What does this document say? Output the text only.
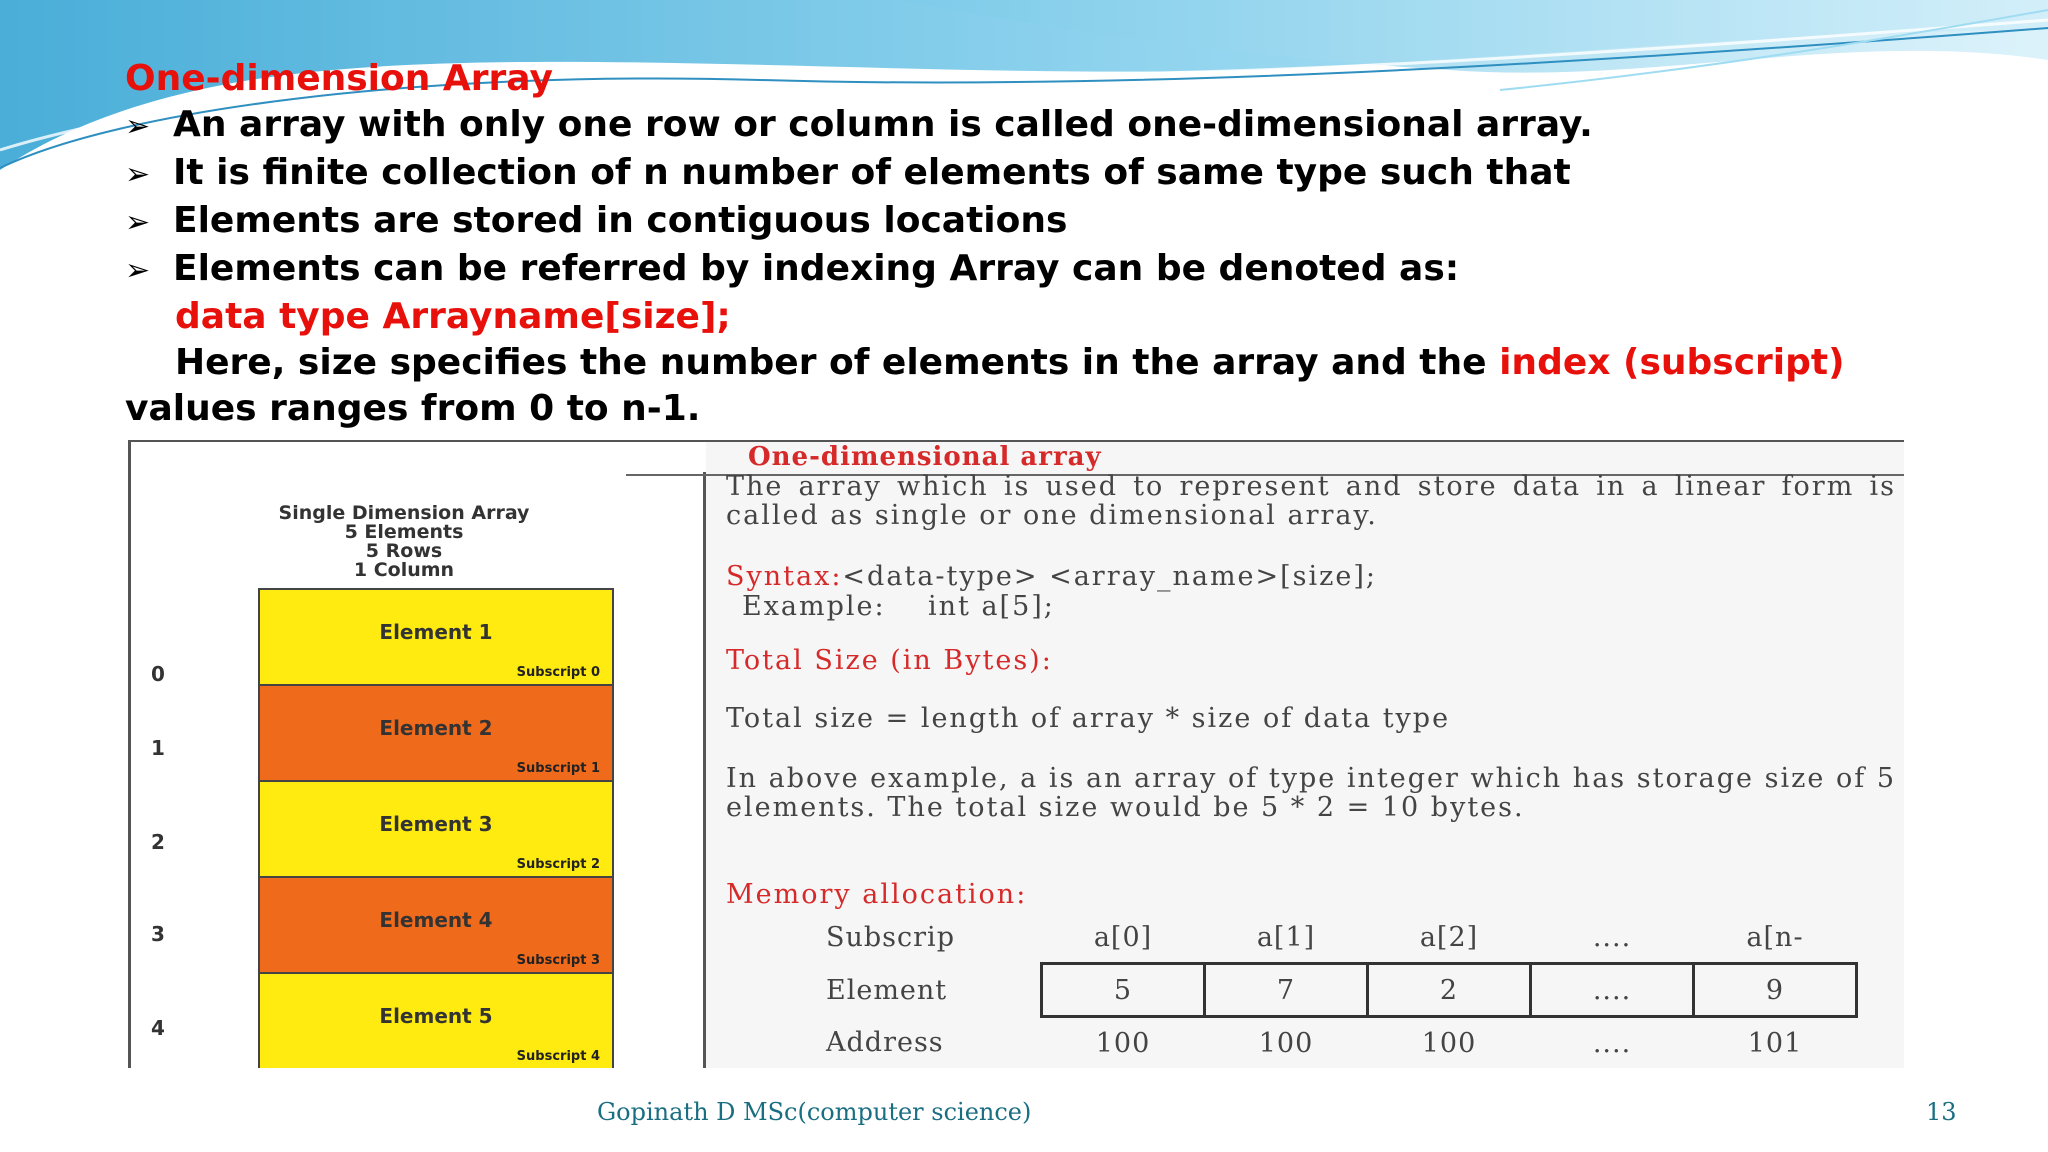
One-dimension Array
➢ An array with only one row or column is called one-dimensional array.
➢ It is finite collection of n number of elements of same type such that
➢ Elements are stored in contiguous locations
➢ Elements can be referred by indexing Array can be denoted as:
data type Arrayname[size];
Here, size specifies the number of elements in the array and the index (subscript)
values ranges from 0 to n-1.
Single Dimension Array
5 Elements
5 Rows
1 Column
0
1
2
3
4
Element 1
Subscript 0
Element 2
Subscript 1
Element 3
Subscript 2
Element 4
Subscript 3
Element 5
Subscript 4
One-dimensional array
The array which is used to represent and store data in a linear form is called as single or one dimensional array.
Syntax:<data-type> <array_name>[size];
Example: int a[5];
Total Size (in Bytes):
Total size = length of array * size of data type
In above example, a is an array of type integer which has storage size of 5 elements. The total size would be 5 * 2 = 10 bytes.
Memory allocation:
Subscrip	a[0]	a[1]	a[2]	....	a[n-
Element	5	7	2	....	9
Address	100	100	100	....	101
Gopinath D MSc(computer science)	13
